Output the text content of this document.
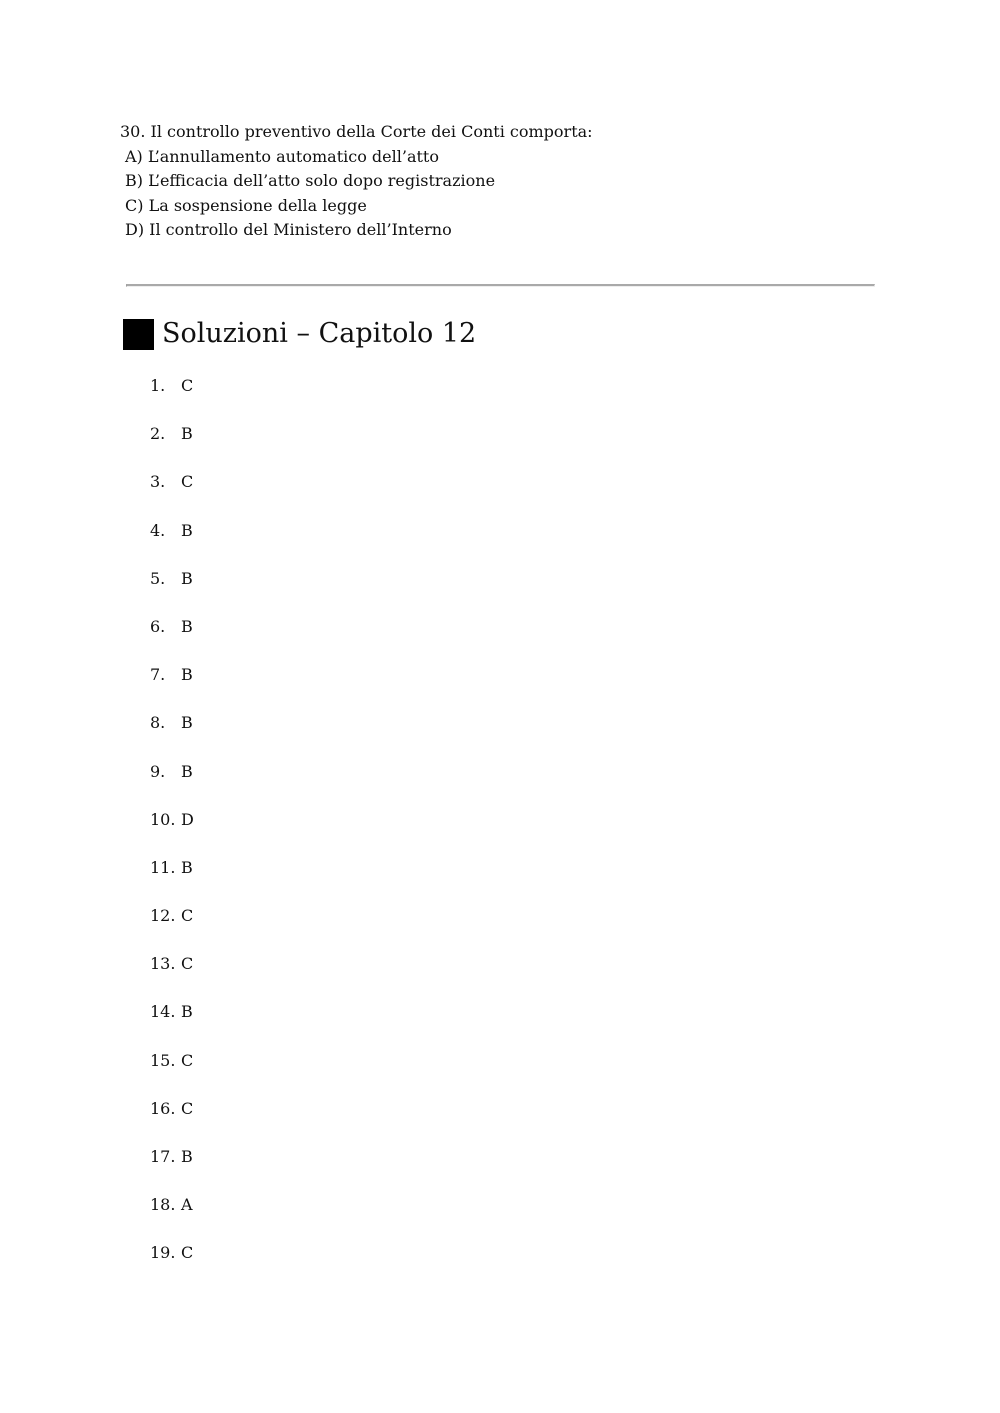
30. Il controllo preventivo della Corte dei Conti comporta:
A) L’annullamento automatico dell’atto
B) L’efficacia dell’atto solo dopo registrazione
C) La sospensione della legge
D) Il controllo del Ministero dell’Interno
Soluzioni – Capitolo 12
1. C
2. B
3. C
4. B
5. B
6. B
7. B
8. B
9. B
10. D
11. B
12. C
13. C
14. B
15. C
16. C
17. B
18. A
19. C
